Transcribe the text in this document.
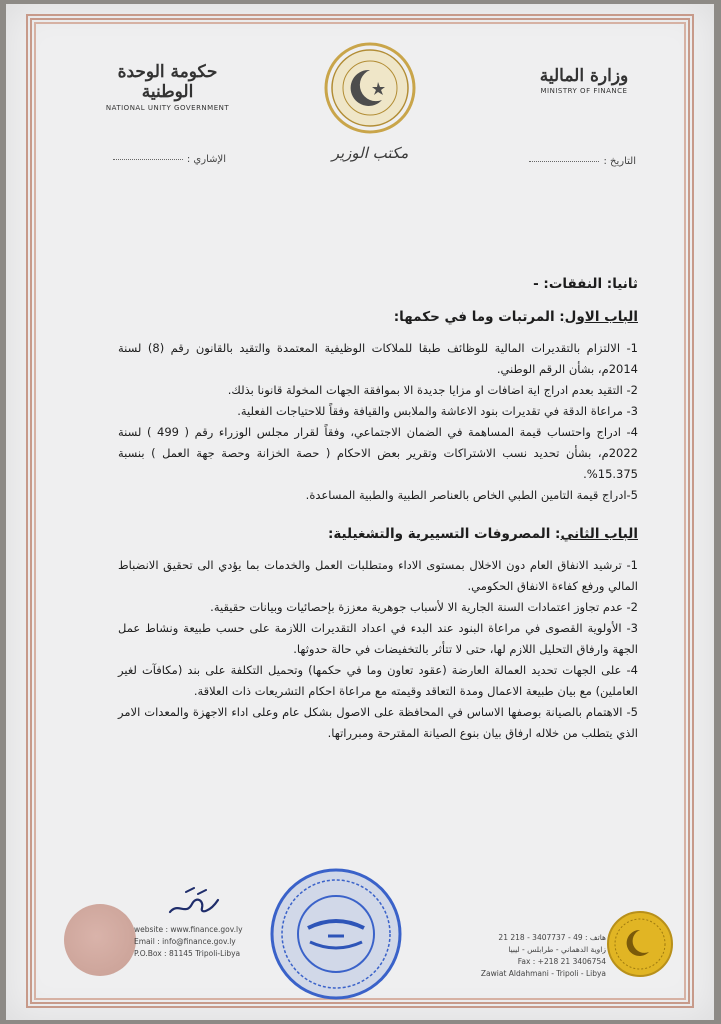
حكومة الوحدة الوطنية
NATIONAL UNITY GOVERNMENT
مكتب الوزير
وزارة المالية
MINISTRY OF FINANCE
الإشاري :	التاريخ :
ثانيا: النفقات: -
الباب الاول: المرتبات وما في حكمها:

1- الالتزام بالتقديرات المالية للوظائف طبقا للملاكات الوظيفية المعتمدة والتقيد بالقانون رقم (8) لسنة 2014م، بشأن الرقم الوطني.

2- التقيد بعدم ادراج اية اضافات او مزايا جديدة الا بموافقة الجهات المخولة قانونا بذلك.

3- مراعاة الدقة في تقديرات بنود الاعاشة والملابس والقيافة وفقاً للاحتياجات الفعلية.

4- ادراج واحتساب قيمة المساهمة في الضمان الاجتماعي، وفقاً لقرار مجلس الوزراء رقم ( 499 ) لسنة 2022م، بشأن تحديد نسب الاشتراكات وتقرير بعض الاحكام ( حصة الخزانة وحصة جهة العمل ) بنسبة 15.375%.

5-ادراج قيمة التامين الطبي الخاص بالعناصر الطبية والطبية المساعدة.

الباب الثاني: المصروفات التسييرية والتشغيلية:

1- ترشيد الانفاق العام دون الاخلال بمستوى الاداء ومتطلبات العمل والخدمات بما يؤدي الى تحقيق الانضباط المالي ورفع كفاءة الانفاق الحكومي.

2- عدم تجاوز اعتمادات السنة الجارية الا لأسباب جوهرية معززة بإحصائيات وبيانات حقيقية.

3- الأولوية القصوى في مراعاة البنود عند البدء في اعداد التقديرات اللازمة على حسب طبيعة ونشاط عمل الجهة وارفاق التحليل اللازم لها، حتى لا تتأثر بالتخفيضات في حالة حدوثها.

4- على الجهات تحديد العمالة العارضة (عقود تعاون وما في حكمها) وتحميل التكلفة على بند (مكافآت لغير العاملين) مع بيان طبيعة الاعمال ومدة التعاقد وقيمته مع مراعاة احكام التشريعات ذات العلاقة.

5- الاهتمام بالصيانة بوصفها الاساس في المحافظة على الاصول بشكل عام وعلى اداء الاجهزة والمعدات الامر الذي يتطلب من خلاله ارفاق بيان بنوع الصيانة المقترحة ومبرراتها.

website : www.finance.gov.ly
Email : info@finance.gov.ly
P.O.Box : 81145 Tripoli-Libya
هاتف : 49 - 3407737 - 218 21
زاوية الدهماني - طرابلس - ليبيا
Fax : +218 21 3406754
Zawiat Aldahmani - Tripoli - Libya
